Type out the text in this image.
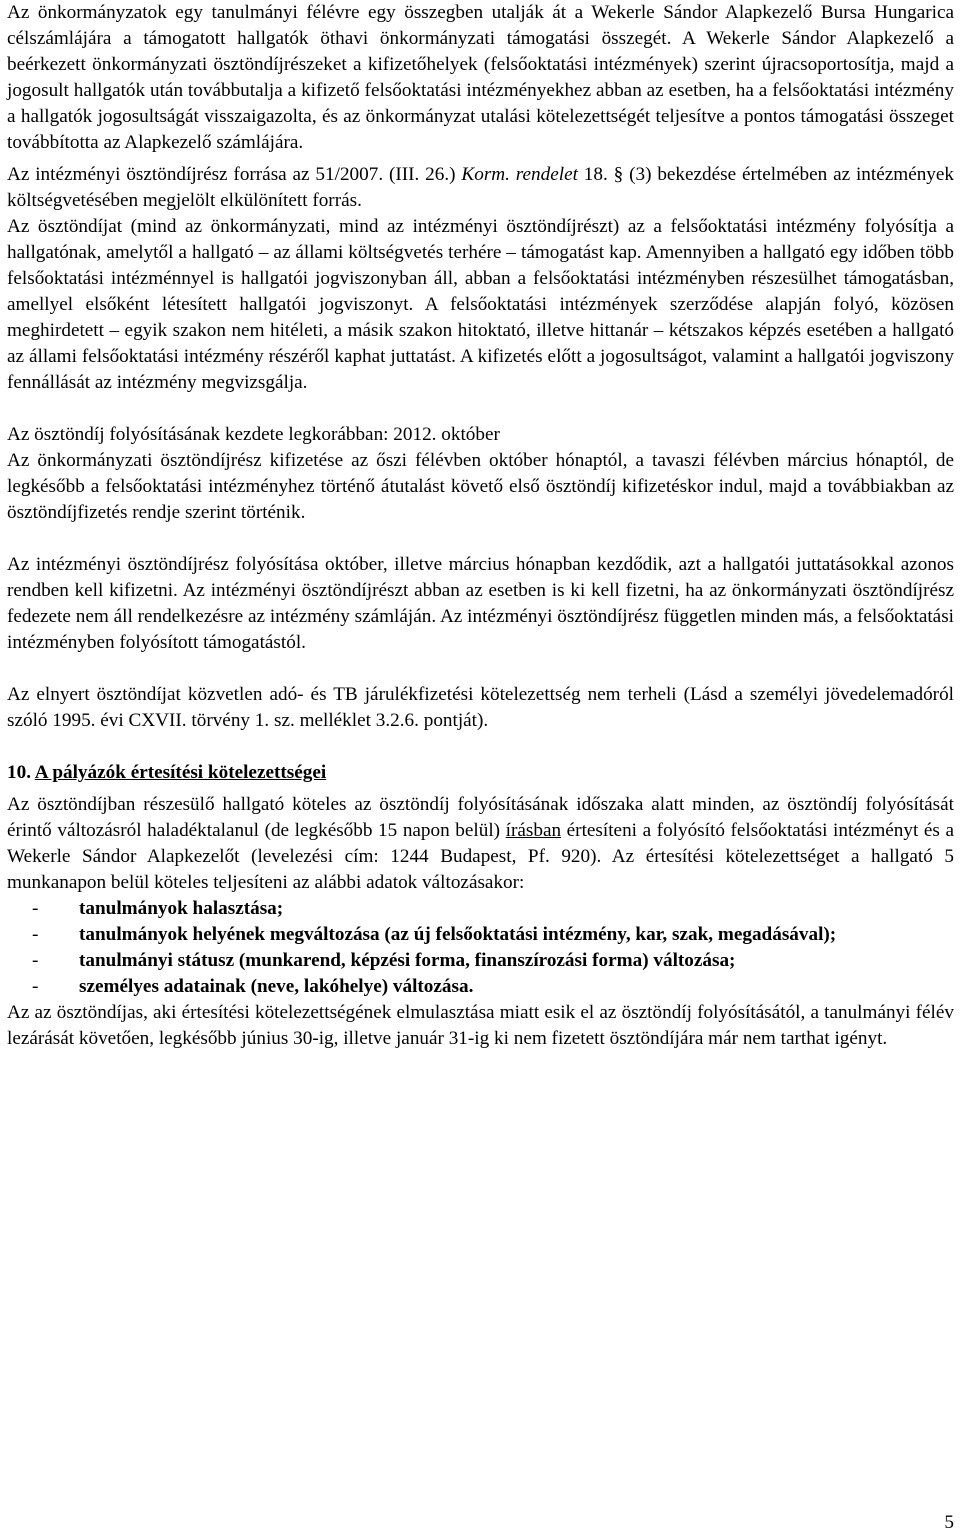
Az önkormányzatok egy tanulmányi félévre egy összegben utalják át a Wekerle Sándor Alapkezelő Bursa Hungarica célszámlájára a támogatott hallgatók öthavi önkormányzati támogatási összegét. A Wekerle Sándor Alapkezelő a beérkezett önkormányzati ösztöndíjrészeket a kifizetőhelyek (felsőoktatási intézmények) szerint újracsoportosítja, majd a jogosult hallgatók után továbbutalja a kifizető felsőoktatási intézményekhez abban az esetben, ha a felsőoktatási intézmény a hallgatók jogosultságát visszaigazolta, és az önkormányzat utalási kötelezettségét teljesítve a pontos támogatási összeget továbbította az Alapkezelő számlájára.

Az intézményi ösztöndíjrész forrása az 51/2007. (III. 26.) Korm. rendelet 18. § (3) bekezdése értelmében az intézmények költségvetésében megjelölt elkülönített forrás.

Az ösztöndíjat (mind az önkormányzati, mind az intézményi ösztöndíjrészt) az a felsőoktatási intézmény folyósítja a hallgatónak, amelytől a hallgató – az állami költségvetés terhére – támogatást kap. Amennyiben a hallgató egy időben több felsőoktatási intézménnyel is hallgatói jogviszonyban áll, abban a felsőoktatási intézményben részesülhet támogatásban, amellyel elsőként létesített hallgatói jogviszonyt. A felsőoktatási intézmények szerződése alapján folyó, közösen meghirdetett – egyik szakon nem hitéleti, a másik szakon hitoktató, illetve hittanár – kétszakos képzés esetében a hallgató az állami felsőoktatási intézmény részéről kaphat juttatást. A kifizetés előtt a jogosultságot, valamint a hallgatói jogviszony fennállását az intézmény megvizsgálja.

Az ösztöndíj folyósításának kezdete legkorábban: 2012. október

Az önkormányzati ösztöndíjrész kifizetése az őszi félévben október hónaptól, a tavaszi félévben március hónaptól, de legkésőbb a felsőoktatási intézményhez történő átutalást követő első ösztöndíj kifizetéskor indul, majd a továbbiakban az ösztöndíjfizetés rendje szerint történik.

Az intézményi ösztöndíjrész folyósítása október, illetve március hónapban kezdődik, azt a hallgatói juttatásokkal azonos rendben kell kifizetni. Az intézményi ösztöndíjrészt abban az esetben is ki kell fizetni, ha az önkormányzati ösztöndíjrész fedezete nem áll rendelkezésre az intézmény számláján. Az intézményi ösztöndíjrész független minden más, a felsőoktatási intézményben folyósított támogatástól.

Az elnyert ösztöndíjat közvetlen adó- és TB járulékfizetési kötelezettség nem terheli (Lásd a személyi jövedelemadóról szóló 1995. évi CXVII. törvény 1. sz. melléklet 3.2.6. pontját).

10. A pályázók értesítési kötelezettségei

Az ösztöndíjban részesülő hallgató köteles az ösztöndíj folyósításának időszaka alatt minden, az ösztöndíj folyósítását érintő változásról haladéktalanul (de legkésőbb 15 napon belül) írásban értesíteni a folyósító felsőoktatási intézményt és a Wekerle Sándor Alapkezelőt (levelezési cím: 1244 Budapest, Pf. 920). Az értesítési kötelezettséget a hallgató 5 munkanapon belül köteles teljesíteni az alábbi adatok változásakor:

- tanulmányok halasztása;
- tanulmányok helyének megváltozása (az új felsőoktatási intézmény, kar, szak, megadásával);
- tanulmányi státusz (munkarend, képzési forma, finanszírozási forma) változása;
- személyes adatainak (neve, lakóhelye) változása.

Az az ösztöndíjas, aki értesítési kötelezettségének elmulasztása miatt esik el az ösztöndíj folyósításától, a tanulmányi félév lezárását követően, legkésőbb június 30-ig, illetve január 31-ig ki nem fizetett ösztöndíjára már nem tarthat igényt.

5
